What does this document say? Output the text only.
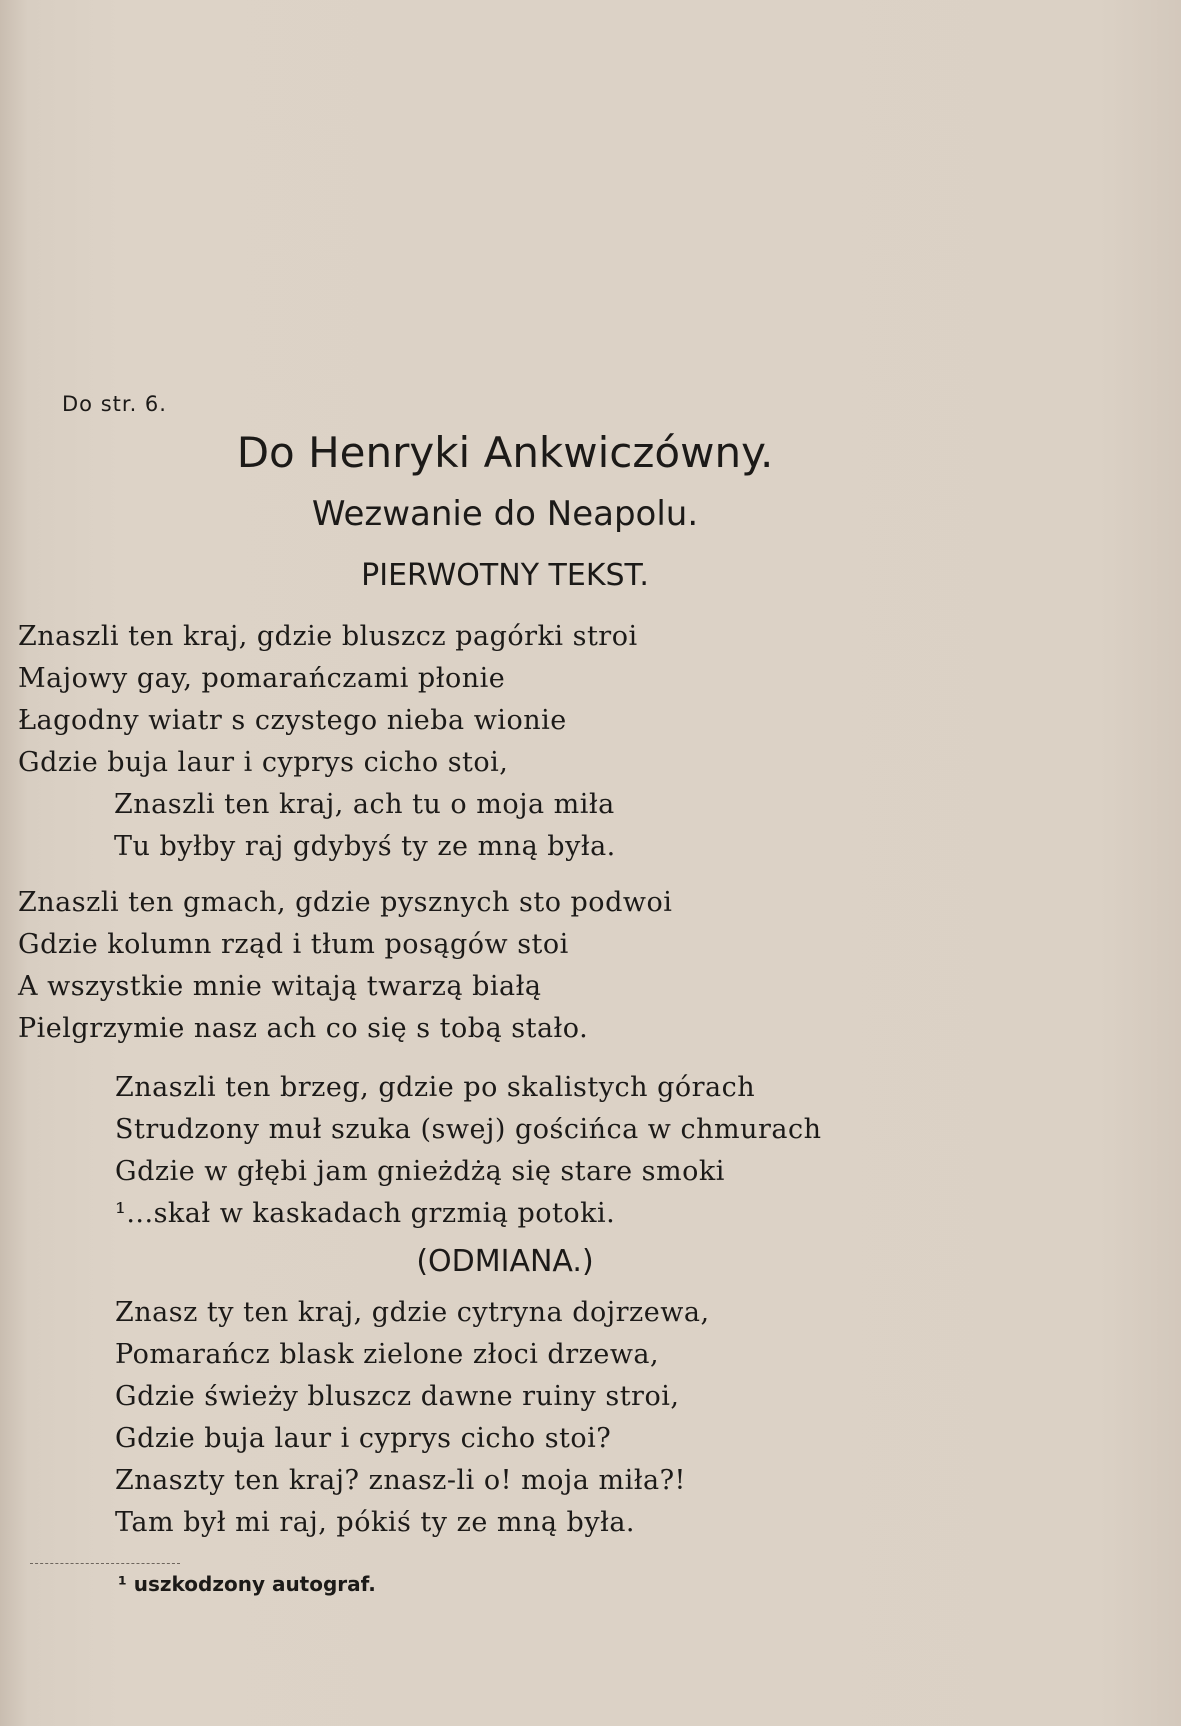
Do str. 6.
Do Henryki Ankwiczówny.
Wezwanie do Neapolu.
PIERWOTNY TEKST.
Znaszli ten kraj, gdzie bluszcz pagórki stroi
Majowy gay, pomarańczami płonie
Łagodny wiatr s czystego nieba wionie
Gdzie buja laur i cyprys cicho stoi,
Znaszli ten kraj, ach tu o moja miła
Tu byłby raj gdybyś ty ze mną była.
Znaszli ten gmach, gdzie pysznych sto podwoi
Gdzie kolumn rząd i tłum posągów stoi
A wszystkie mnie witają twarzą białą
Pielgrzymie nasz ach co się s tobą stało.
Znaszli ten brzeg, gdzie po skalistych górach
Strudzony muł szuka (swej) gościńca w chmurach
Gdzie w głębi jam gnieżdżą się stare smoki
¹...skał w kaskadach grzmią potoki.
(ODMIANA.)
Znasz ty ten kraj, gdzie cytryna dojrzewa,
Pomarańcz blask zielone złoci drzewa,
Gdzie świeży bluszcz dawne ruiny stroi,
Gdzie buja laur i cyprys cicho stoi?
Znaszty ten kraj? znasz-li o! moja miła?!
Tam był mi raj, pókiś ty ze mną była.
¹ uszkodzony autograf.
